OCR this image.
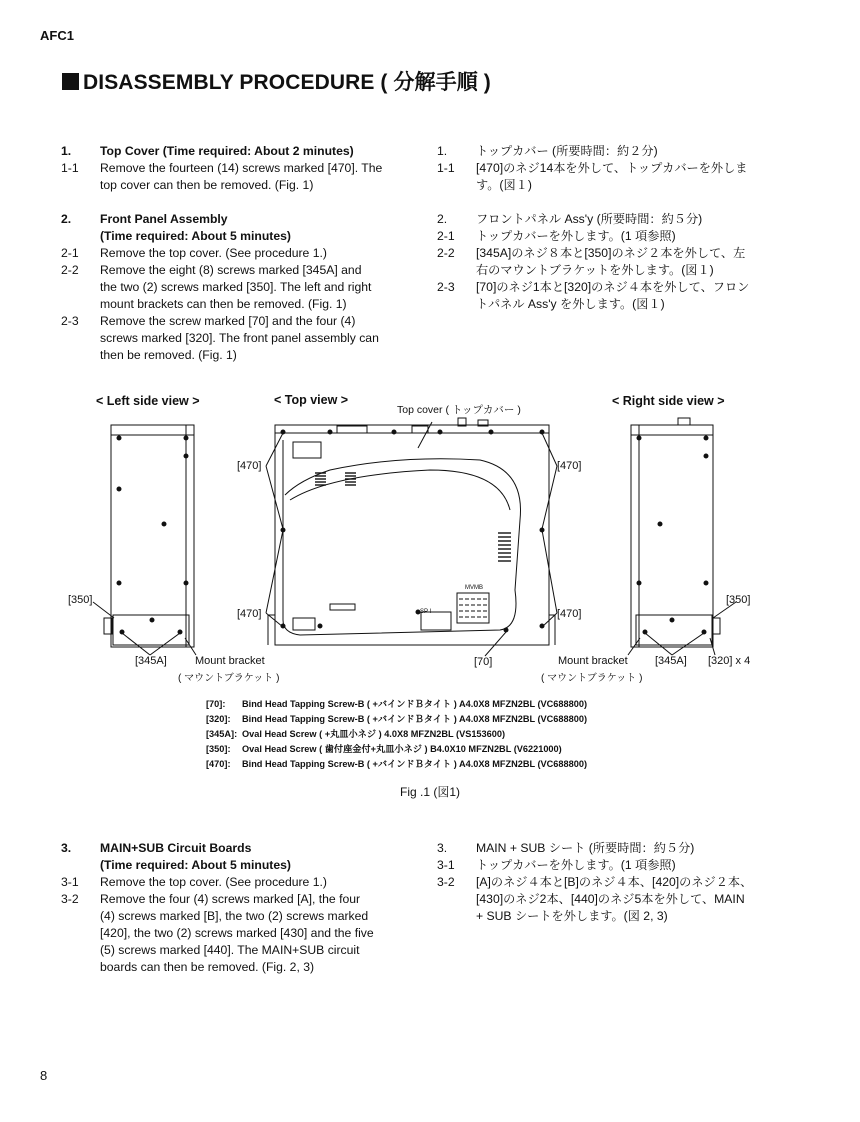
AFC1
DISASSEMBLY PROCEDURE ( 分解手順 )
1.	Top Cover (Time required: About 2 minutes)
1-1	Remove the fourteen (14) screws marked [470]. The
top cover can then be removed. (Fig. 1)
2.	Front Panel Assembly
(Time required: About 5 minutes)
2-1	Remove the top cover. (See procedure 1.)
2-2	Remove the eight (8) screws marked [345A] and
the two (2) screws marked [350]. The left and right
mount brackets can then be removed. (Fig. 1)
2-3	Remove the screw marked [70] and the four (4)
screws marked [320]. The front panel assembly can
then be removed. (Fig. 1)
1.	トップカバー (所要時間：約２分)
1-1	[470]のネジ14本を外して、トップカバーを外しま
す。(図１)
2.	フロントパネル Ass'y (所要時間：約５分)
2-1	トップカバーを外します。(1 項参照)
2-2	[345A]のネジ８本と[350]のネジ２本を外して、左
右のマウントブラケットを外します。(図１)
2-3	[70]のネジ1本と[320]のネジ４本を外して、フロン
トパネル Ass'y を外します。(図１)
< Left side view >	< Top view >	< Right side view >
Top cover ( トップカバー )
[470]	[470]
[470]	[470]
[350]	[350]
[345A]	[345A]
[70]	[320] x 4
Mount bracket
( マウントブラケット )
Mount bracket
( マウントブラケット )
MVMB
SP I
[70]:	Bind Head Tapping Screw-B ( +バインドＢタイト ) A4.0X8 MFZN2BL (VC688800)
[320]:	Bind Head Tapping Screw-B ( +バインドＢタイト ) A4.0X8 MFZN2BL (VC688800)
[345A]: Oval Head Screw ( +丸皿小ネジ ) 4.0X8 MFZN2BL (VS153600)
[350]:	Oval Head Screw ( 歯付座金付+丸皿小ネジ ) B4.0X10 MFZN2BL (V6221000)
[470]:	Bind Head Tapping Screw-B ( +バインドＢタイト ) A4.0X8 MFZN2BL (VC688800)
Fig .1 (図1)
3.	MAIN+SUB Circuit Boards
(Time required: About 5 minutes)
3-1	Remove the top cover. (See procedure 1.)
3-2	Remove the four (4) screws marked [A], the four
(4) screws marked [B], the two (2) screws marked
[420], the two (2) screws marked [430] and the five
(5) screws marked [440]. The MAIN+SUB circuit
boards can then be removed. (Fig. 2, 3)
3.	MAIN + SUB シート (所要時間：約５分)
3-1	トップカバーを外します。(1 項参照)
3-2	[A]のネジ４本と[B]のネジ４本、[420]のネジ２本、
[430]のネジ2本、[440]のネジ5本を外して、MAIN
+ SUB シートを外します。(図 2, 3)
8
